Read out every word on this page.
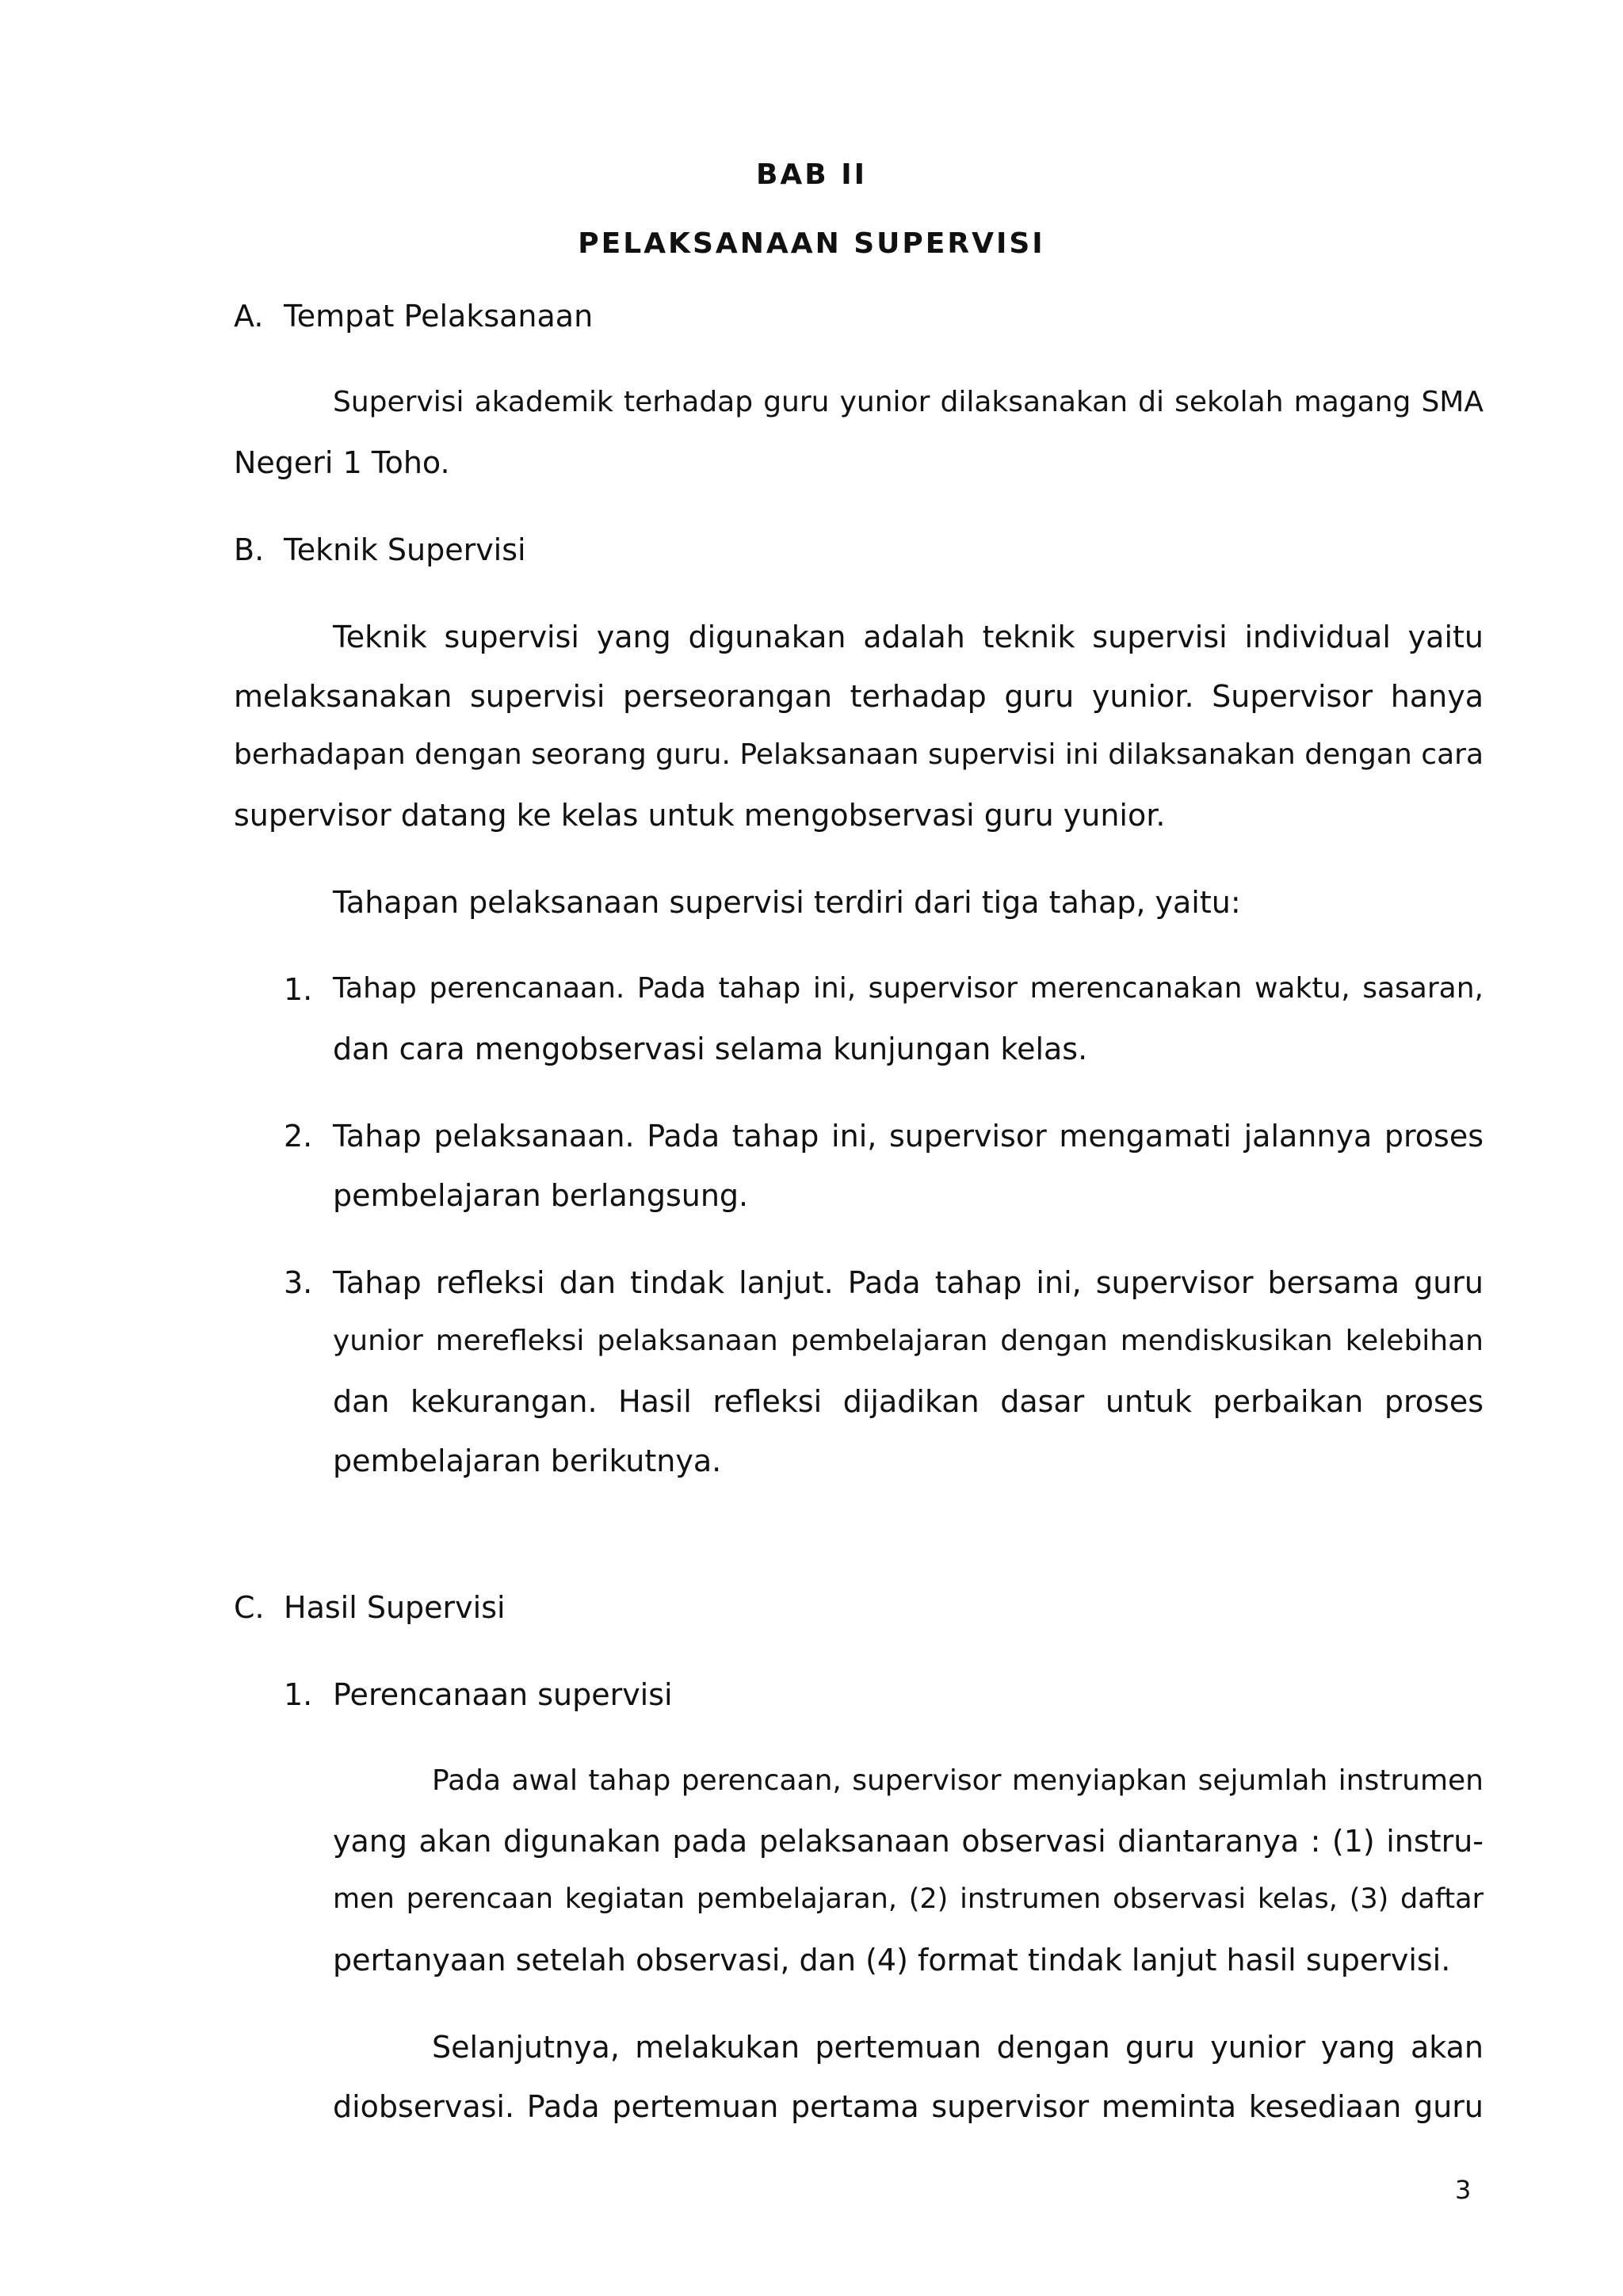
BAB II
PELAKSANAAN SUPERVISI
A. Tempat Pelaksanaan
Supervisi akademik terhadap guru yunior dilaksanakan di sekolah magang SMA
Negeri 1 Toho.
B. Teknik Supervisi
Teknik supervisi yang digunakan adalah teknik supervisi individual yaitu
melaksanakan supervisi perseorangan terhadap guru yunior. Supervisor hanya
berhadapan dengan seorang guru. Pelaksanaan supervisi ini dilaksanakan dengan cara
supervisor datang ke kelas untuk mengobservasi guru yunior.
Tahapan pelaksanaan supervisi terdiri dari tiga tahap, yaitu:
1. Tahap perencanaan. Pada tahap ini, supervisor merencanakan waktu, sasaran,
dan cara mengobservasi selama kunjungan kelas.
2. Tahap pelaksanaan. Pada tahap ini, supervisor mengamati jalannya proses
pembelajaran berlangsung.
3. Tahap refleksi dan tindak lanjut. Pada tahap ini, supervisor bersama guru
yunior merefleksi pelaksanaan pembelajaran dengan mendiskusikan kelebihan
dan kekurangan. Hasil refleksi dijadikan dasar untuk perbaikan proses
pembelajaran berikutnya.
C. Hasil Supervisi
1. Perencanaan supervisi
Pada awal tahap perencaan, supervisor menyiapkan sejumlah instrumen
yang akan digunakan pada pelaksanaan observasi diantaranya : (1) instru-
men perencaan kegiatan pembelajaran, (2) instrumen observasi kelas, (3) daftar
pertanyaan setelah observasi, dan (4) format tindak lanjut hasil supervisi.
Selanjutnya, melakukan pertemuan dengan guru yunior yang akan
diobservasi. Pada pertemuan pertama supervisor meminta kesediaan guru
3
